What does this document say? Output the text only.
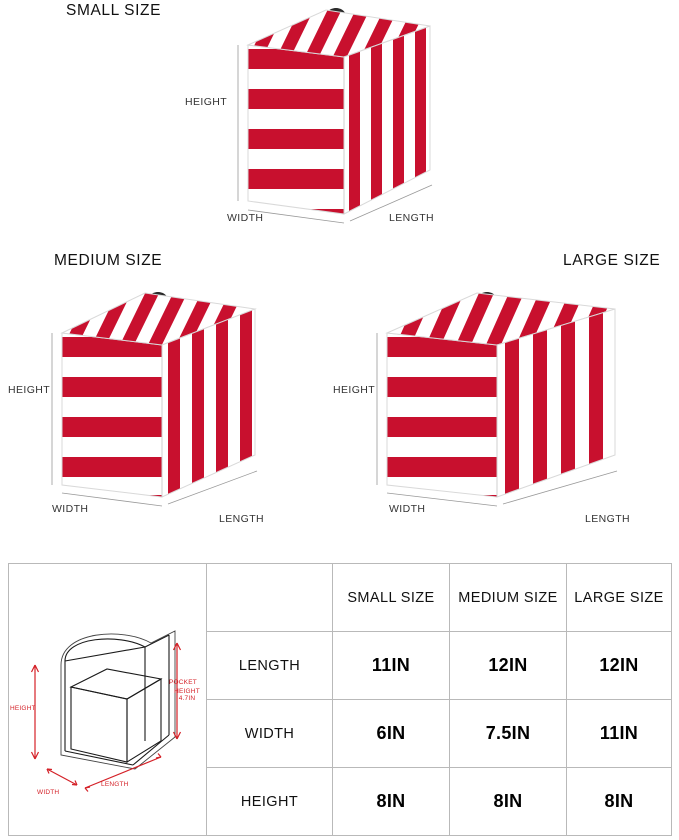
SMALL SIZE
HEIGHT
WIDTH	LENGTH
MEDIUM SIZE
HEIGHT
WIDTH
LENGTH
LARGE SIZE
HEIGHT
WIDTH
LENGTH
HEIGHT
WIDTH
LENGTH
POCKET
HEIGHT 4.7IN		SMALL SIZE	MEDIUM SIZE	LARGE SIZE
	LENGTH	11IN	12IN	12IN
	WIDTH	6IN	7.5IN	11IN
	HEIGHT	8IN	8IN	8IN
